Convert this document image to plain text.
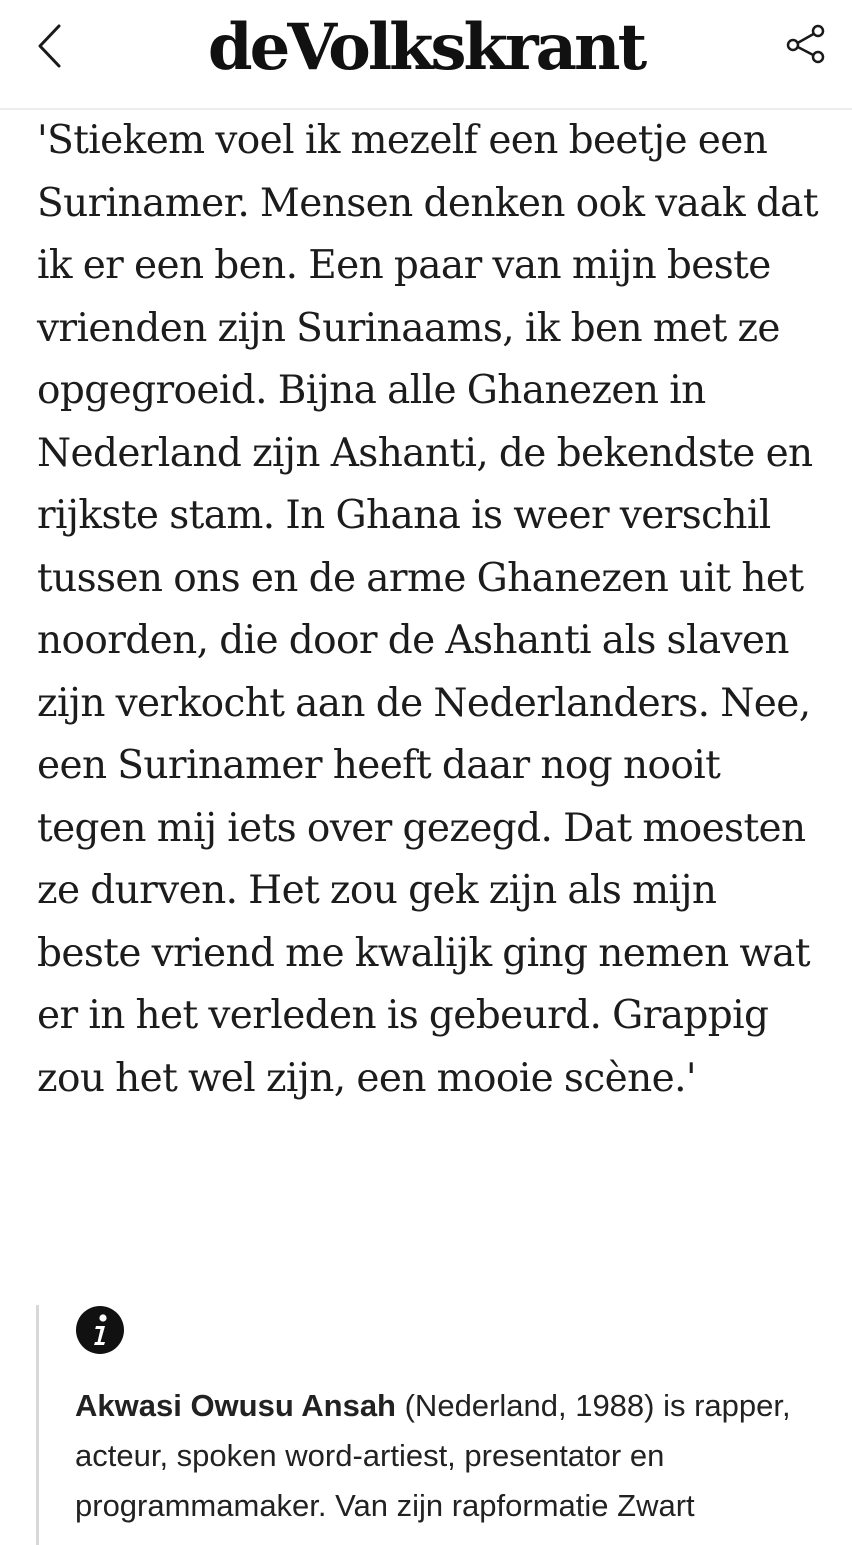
deVolkskrant

'Stiekem voel ik mezelf een beetje een Surinamer. Mensen denken ook vaak dat ik er een ben. Een paar van mijn beste vrienden zijn Surinaams, ik ben met ze opgegroeid. Bijna alle Ghanezen in Nederland zijn Ashanti, de bekendste en rijkste stam. In Ghana is weer verschil tussen ons en de arme Ghanezen uit het noorden, die door de Ashanti als slaven zijn verkocht aan de Nederlanders. Nee, een Surinamer heeft daar nog nooit tegen mij iets over gezegd. Dat moesten ze durven. Het zou gek zijn als mijn beste vriend me kwalijk ging nemen wat er in het verleden is gebeurd. Grappig zou het wel zijn, een mooie scène.'

Akwasi Owusu Ansah (Nederland, 1988) is rapper, acteur, spoken word-artiest, presentator en programmamaker. Van zijn rapformatie Zwart
